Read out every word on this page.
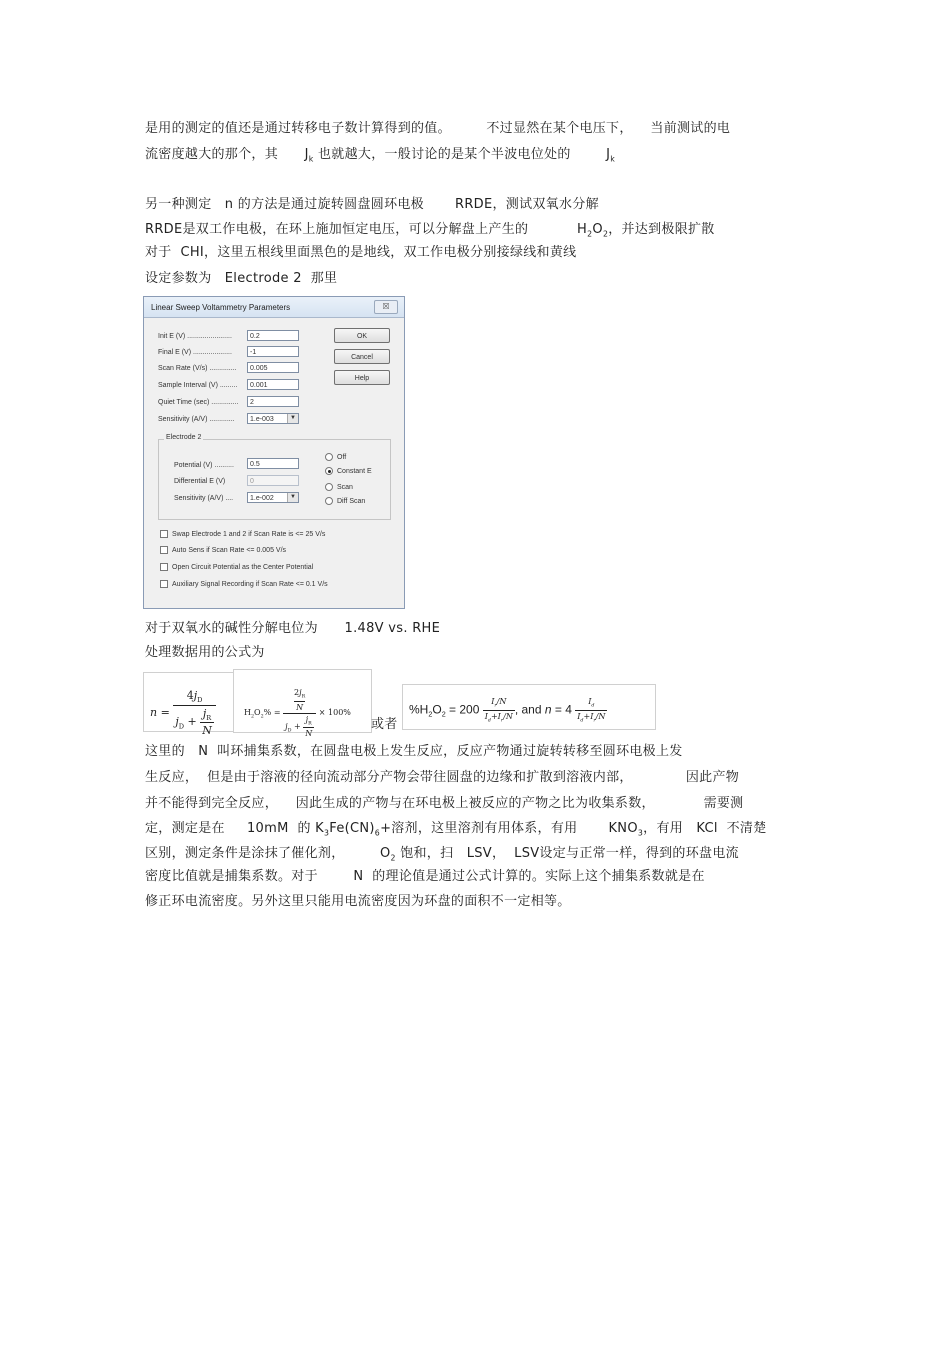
是用的测定的值还是通过转移电子数计算得到的值。        不过显然在某个电压下，    当前测试的电
流密度越大的那个，其      $J_k$ 也就越大，一般讨论的是某个半波电位处的        $J_k$
另一种测定   n 的方法是通过旋转圆盘圆环电极       RRDE，测试双氧水分解
RRDE是双工作电极，在环上施加恒定电压，可以分解盘上产生的           $H_2O_2$，并达到极限扩散
对于  CHI，这里五根线里面黑色的是地线，双工作电极分别接绿线和黄线
设定参数为   Electrode 2  那里
Linear Sweep Voltammetry Parameters	☒
Init E (V) .......................	0.2
Final E (V) ....................	-1
Scan Rate (V/s) ..............	0.005
Sample Interval (V) .........	0.001
Quiet Time (sec) ..............	2
Sensitivity (A/V) .............	1.e-003	▼
OK
Cancel
Help
Electrode 2
Potential (V) ..........	0.5
Differential E (V)	0
Sensitivity (A/V) ....	1.e-002	▼
Off
Constant E
Scan
Diff Scan
Swap Electrode 1 and 2 if Scan Rate is <= 25 V/s
Auto Sens if Scan Rate <= 0.005 V/s
Open Circuit Potential as the Center Potential
Auxiliary Signal Recording if Scan Rate <= 0.1 V/s
对于双氧水的碱性分解电位为      1.48V vs. RHE
处理数据用的公式为
$n = \frac{4j_D}{j_D + \frac{j_R}{N}}$	$H_2O_2\% = \frac{\frac{2j_R}{N}}{j_D + \frac{j_R}{N}} \times 100\%$
或者
$\%H_2O_2 = 200 \frac{I_r/N}{I_d+I_r/N}$ , and $n = 4 \frac{I_d}{I_d+I_r/N}$
这里的   N  叫环捕集系数，在圆盘电极上发生反应，反应产物通过旋转转移至圆环电极上发
生反应，  但是由于溶液的径向流动部分产物会带往圆盘的边缘和扩散到溶液内部，            因此产物
并不能得到完全反应，    因此生成的产物与在环电极上被反应的产物之比为收集系数，           需要测
定，测定是在     10mM  的 $K_3Fe(CN)_6+$溶剂，这里溶剂有用体系，有用       $KNO_3$，有用   KCl  不清楚
区别，测定条件是涂抹了催化剂，        $O_2$ 饱和，扫   LSV，  LSV设定与正常一样，得到的环盘电流
密度比值就是捕集系数。对于        N  的理论值是通过公式计算的。实际上这个捕集系数就是在
修正环电流密度。另外这里只能用电流密度因为环盘的面积不一定相等。
